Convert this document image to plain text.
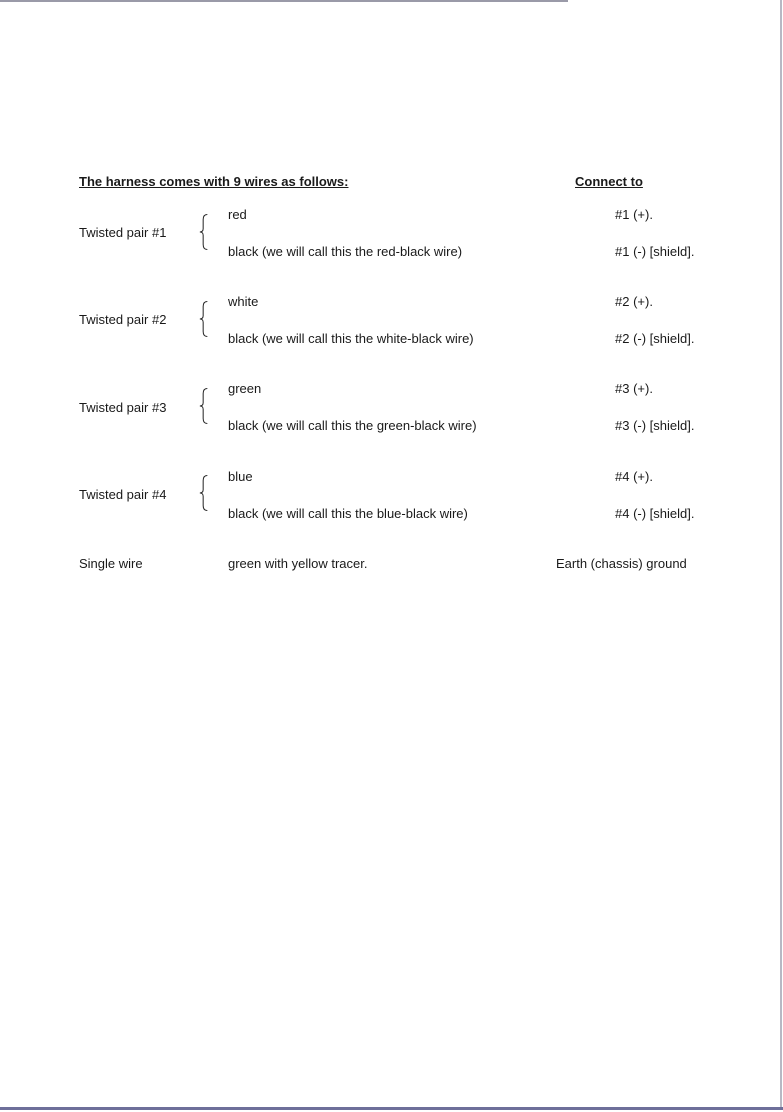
The harness comes with 9 wires as follows:	Connect to
Twisted pair #1
red	#1 (+).
black (we will call this the red-black wire)	#1 (-) [shield].
Twisted pair #2
white	#2 (+).
black (we will call this the white-black wire)	#2 (-) [shield].
Twisted pair #3
green	#3 (+).
black (we will call this the green-black wire)	#3 (-) [shield].
Twisted pair #4
blue	#4 (+).
black (we will call this the blue-black wire)	#4 (-) [shield].
Single wire	green with yellow tracer.	Earth (chassis) ground
